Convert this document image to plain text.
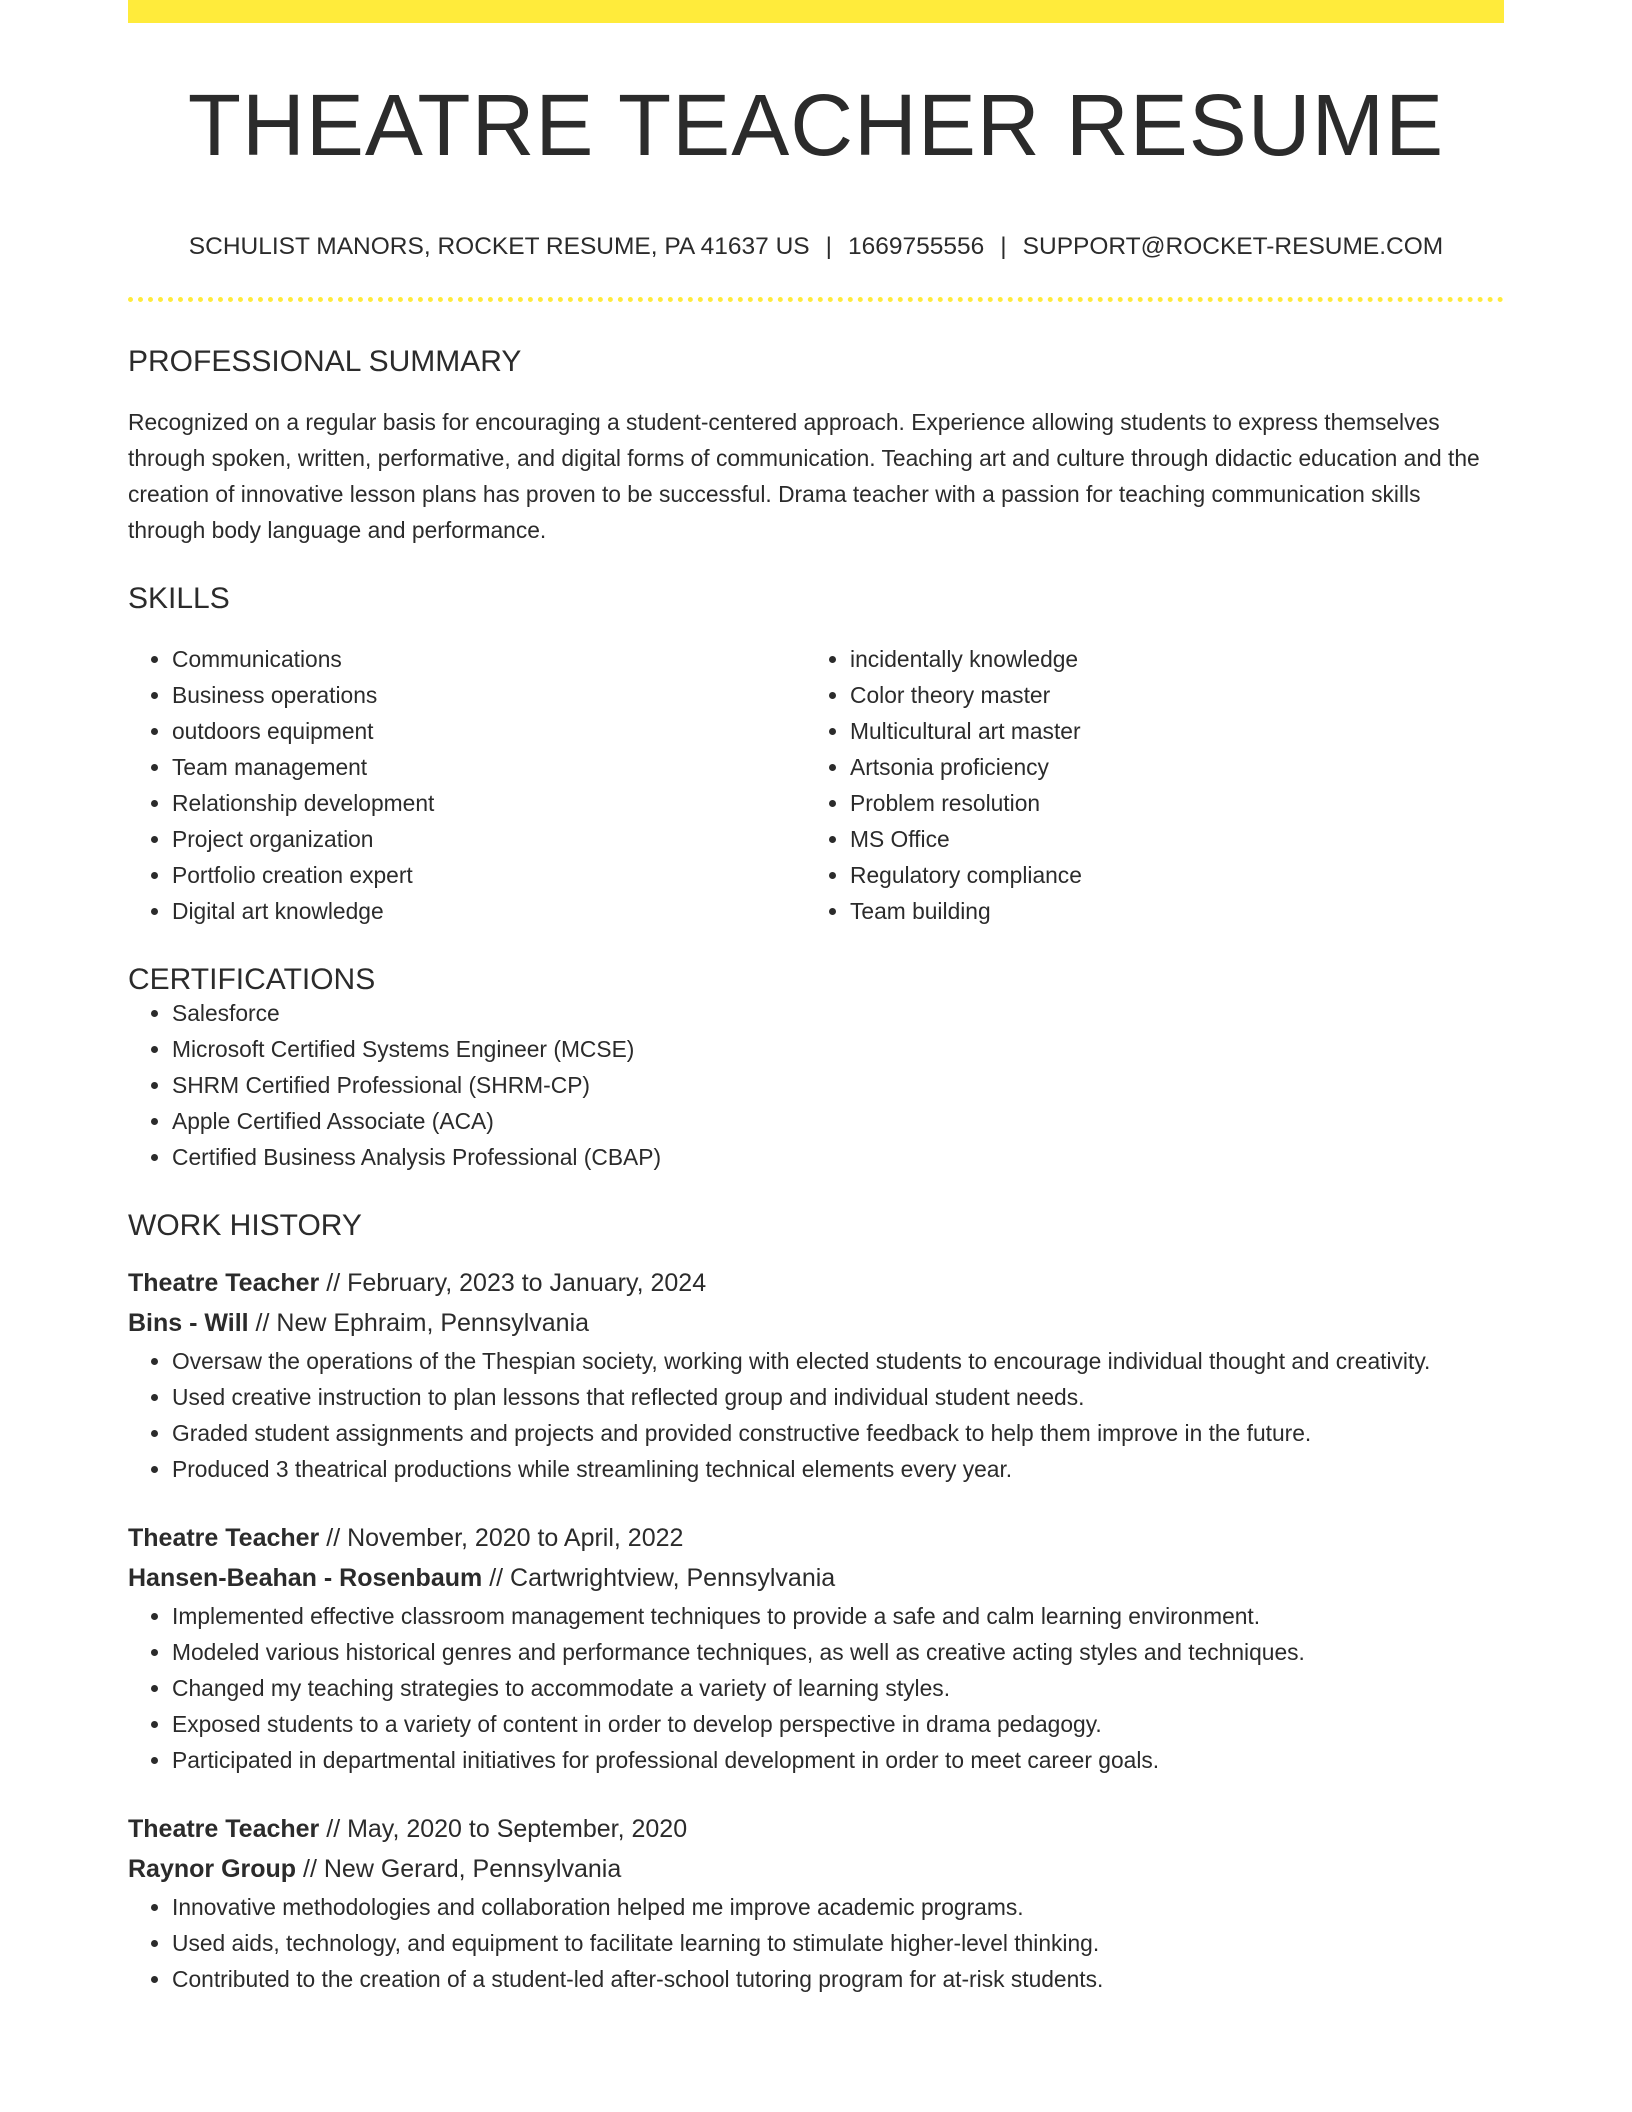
THEATRE TEACHER RESUME
SCHULIST MANORS, ROCKET RESUME, PA 41637 US | 1669755556 | SUPPORT@ROCKET-RESUME.COM
PROFESSIONAL SUMMARY

Recognized on a regular basis for encouraging a student-centered approach. Experience allowing students to express themselves through spoken, written, performative, and digital forms of communication. Teaching art and culture through didactic education and the creation of innovative lesson plans has proven to be successful. Drama teacher with a passion for teaching communication skills through body language and performance.

SKILLS
• Communications
• Business operations
• outdoors equipment
• Team management
• Relationship development
• Project organization
• Portfolio creation expert
• Digital art knowledge
• incidentally knowledge
• Color theory master
• Multicultural art master
• Artsonia proficiency
• Problem resolution
• MS Office
• Regulatory compliance
• Team building
CERTIFICATIONS
• Salesforce
• Microsoft Certified Systems Engineer (MCSE)
• SHRM Certified Professional (SHRM-CP)
• Apple Certified Associate (ACA)
• Certified Business Analysis Professional (CBAP)
WORK HISTORY
Theatre Teacher // February, 2023 to January, 2024
Bins - Will // New Ephraim, Pennsylvania
• Oversaw the operations of the Thespian society, working with elected students to encourage individual thought and creativity.
• Used creative instruction to plan lessons that reflected group and individual student needs.
• Graded student assignments and projects and provided constructive feedback to help them improve in the future.
• Produced 3 theatrical productions while streamlining technical elements every year.
Theatre Teacher // November, 2020 to April, 2022
Hansen-Beahan - Rosenbaum // Cartwrightview, Pennsylvania
• Implemented effective classroom management techniques to provide a safe and calm learning environment.
• Modeled various historical genres and performance techniques, as well as creative acting styles and techniques.
• Changed my teaching strategies to accommodate a variety of learning styles.
• Exposed students to a variety of content in order to develop perspective in drama pedagogy.
• Participated in departmental initiatives for professional development in order to meet career goals.
Theatre Teacher // May, 2020 to September, 2020
Raynor Group // New Gerard, Pennsylvania
• Innovative methodologies and collaboration helped me improve academic programs.
• Used aids, technology, and equipment to facilitate learning to stimulate higher-level thinking.
• Contributed to the creation of a student-led after-school tutoring program for at-risk students.
